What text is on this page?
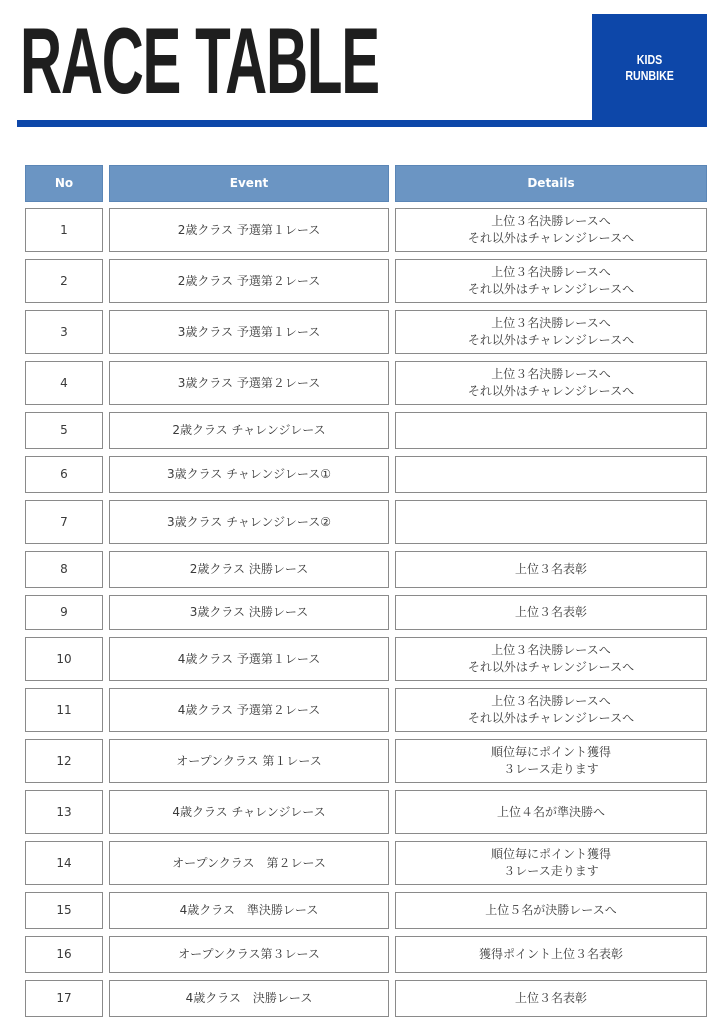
RACE TABLE	KIDS
RUNBIKE
No	Event	Details
1	2歳クラス 予選第１レース
上位３名決勝レースへ
それ以外はチャレンジレースへ
2	2歳クラス 予選第２レース
上位３名決勝レースへ
それ以外はチャレンジレースへ
3	3歳クラス 予選第１レース
上位３名決勝レースへ
それ以外はチャレンジレースへ
4	3歳クラス 予選第２レース
上位３名決勝レースへ
それ以外はチャレンジレースへ
5	2歳クラス チャレンジレース
6	3歳クラス チャレンジレース①
7	3歳クラス チャレンジレース②
8	2歳クラス 決勝レース	上位３名表彰
9	3歳クラス 決勝レース	上位３名表彰
10	4歳クラス 予選第１レース
上位３名決勝レースへ
それ以外はチャレンジレースへ
11	4歳クラス 予選第２レース
上位３名決勝レースへ
それ以外はチャレンジレースへ
12	オープンクラス 第１レース
順位毎にポイント獲得
３レース走ります
13	4歳クラス チャレンジレース	上位４名が準決勝へ
14	オープンクラス　第２レース
順位毎にポイント獲得
３レース走ります
15	4歳クラス　準決勝レース	上位５名が決勝レースへ
16	オープンクラス第３レース	獲得ポイント上位３名表彰
17	4歳クラス　決勝レース	上位３名表彰
